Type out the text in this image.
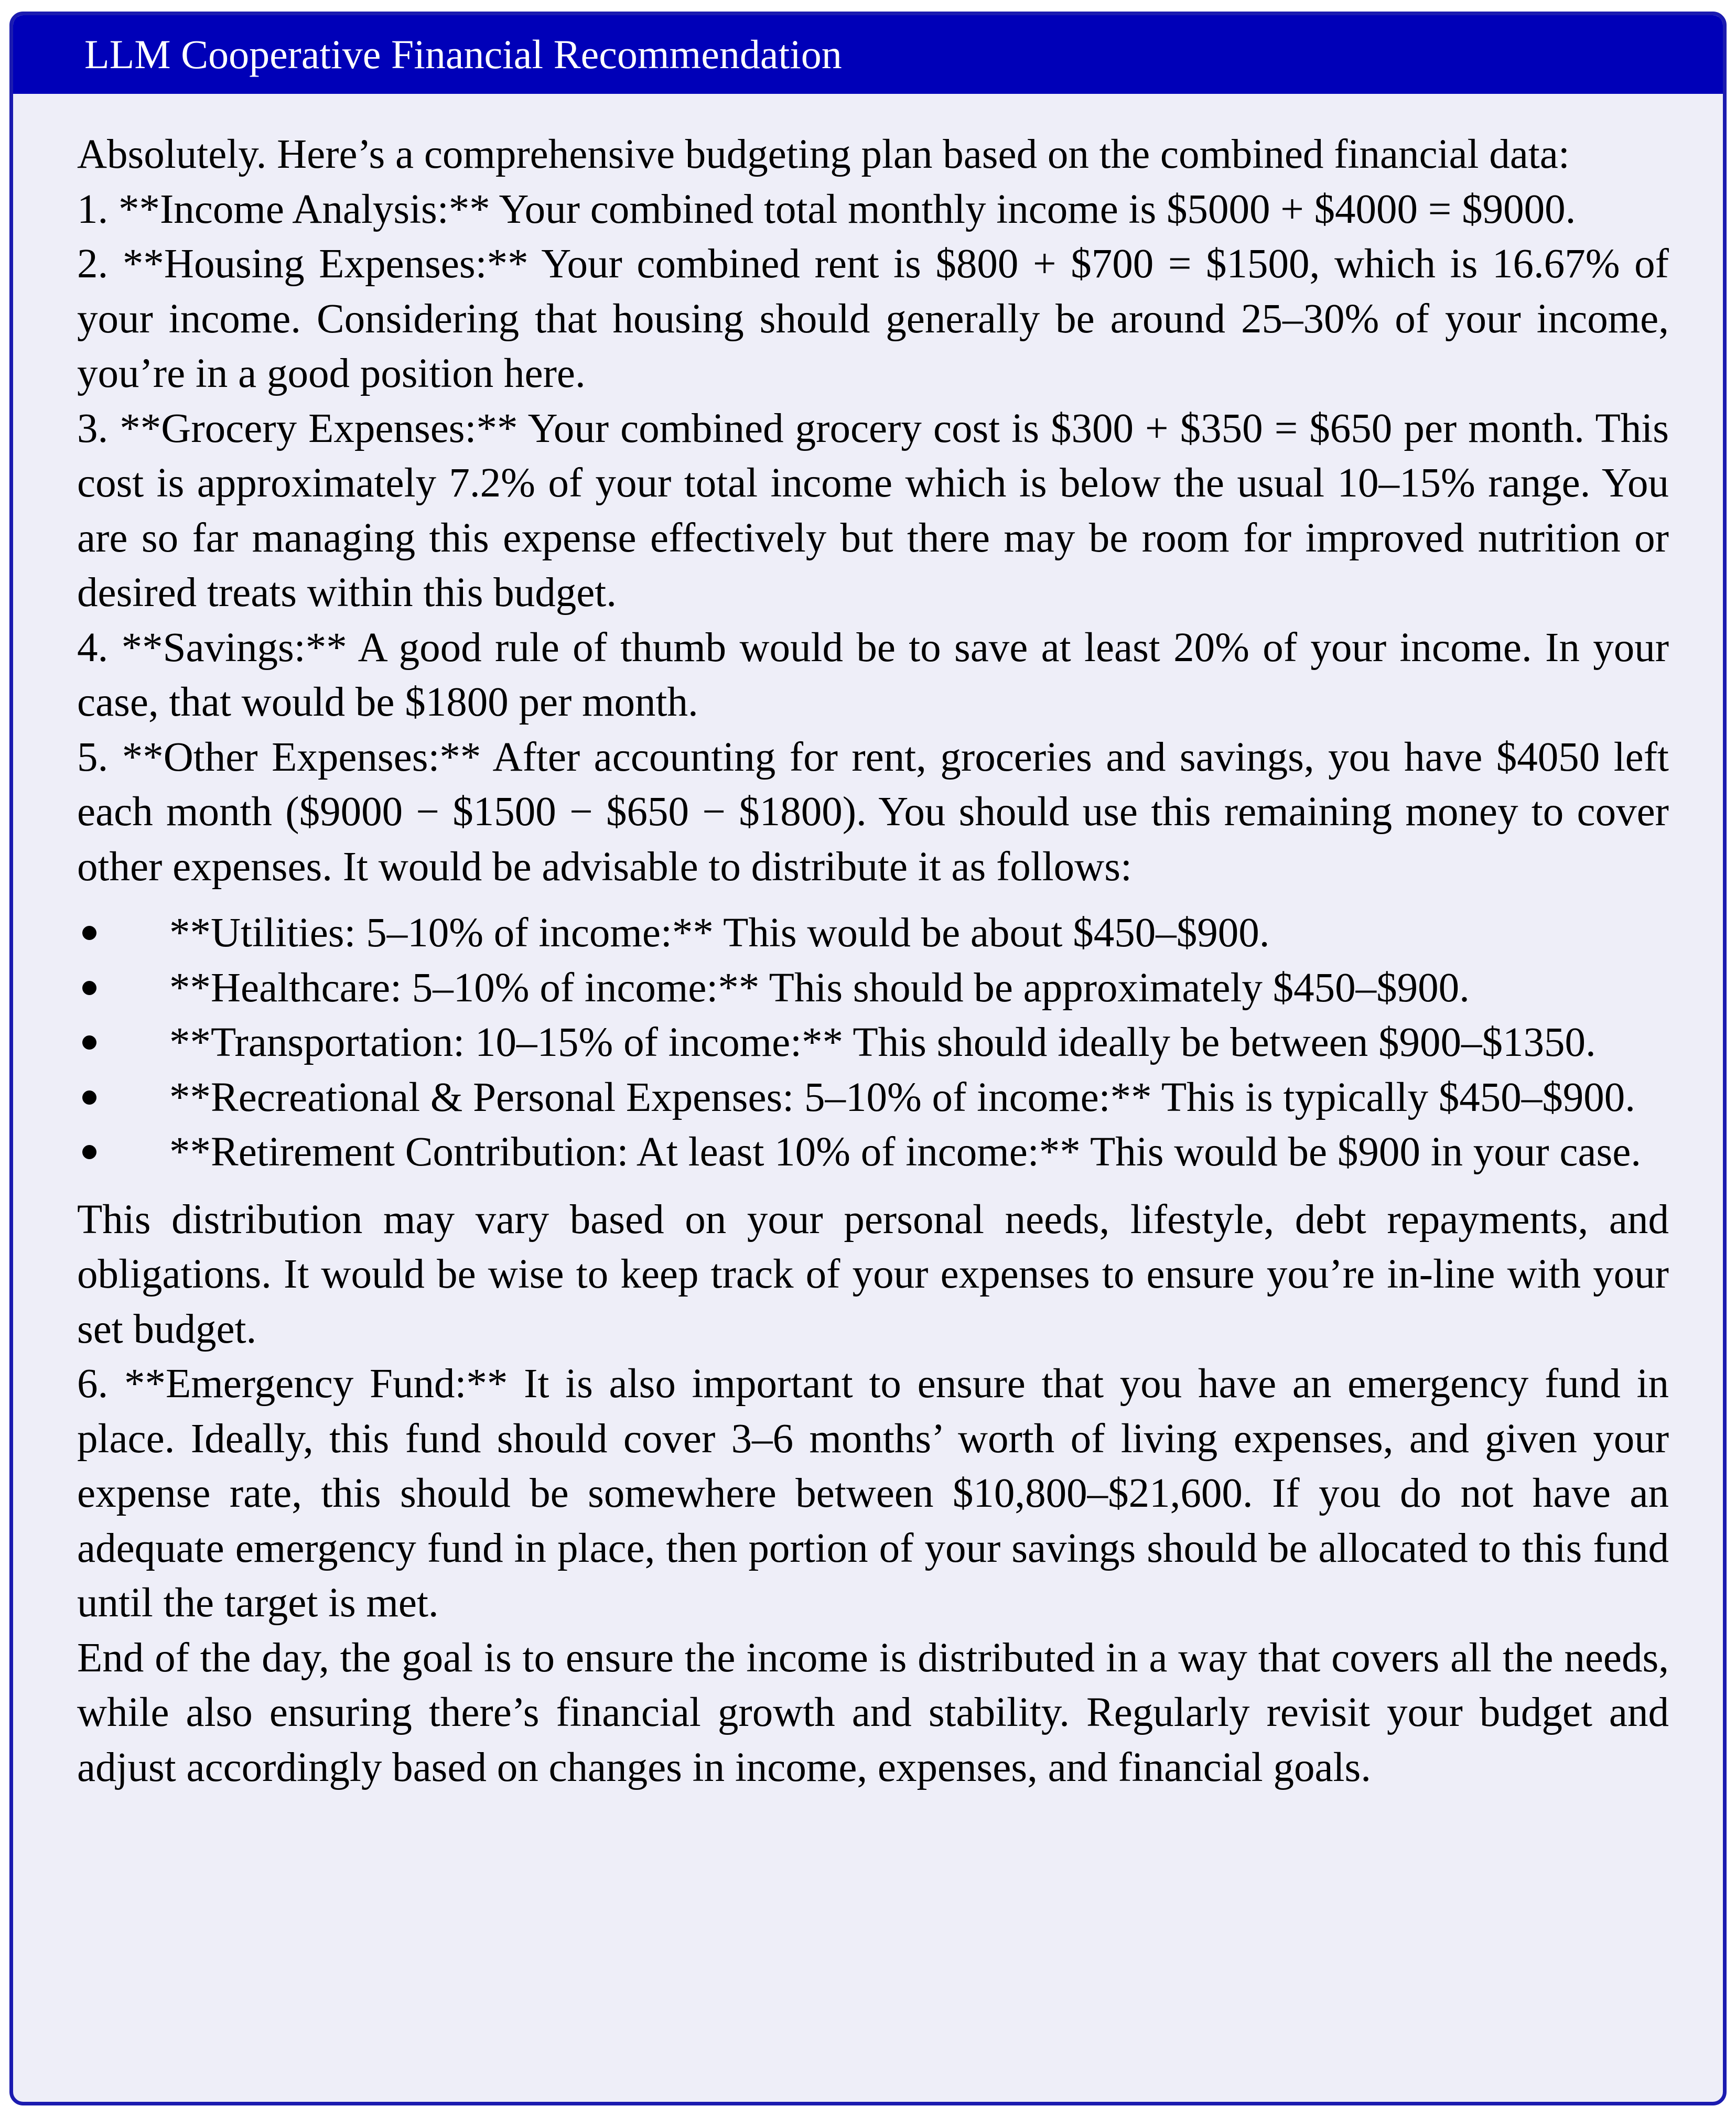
LLM Cooperative Financial Recommendation

Absolutely. Here’s a comprehensive budgeting plan based on the combined financial data:

1. **Income Analysis:** Your combined total monthly income is $5000 + $4000 = $9000.

2. **Housing Expenses:** Your combined rent is $800 + $700 = $1500, which is 16.67% of your income. Considering that housing should generally be around 25–30% of your income, you’re in a good position here.

3. **Grocery Expenses:** Your combined grocery cost is $300 + $350 = $650 per month. This cost is approximately 7.2% of your total income which is below the usual 10–15% range. You are so far managing this expense effectively but there may be room for improved nutrition or desired treats within this budget.

4. **Savings:** A good rule of thumb would be to save at least 20% of your income. In your case, that would be $1800 per month.

5. **Other Expenses:** After accounting for rent, groceries and savings, you have $4050 left each month ($9000 − $1500 − $650 − $1800). You should use this remaining money to cover other expenses. It would be advisable to distribute it as follows:

**Utilities: 5–10% of income:** This would be about $450–$900.
**Healthcare: 5–10% of income:** This should be approximately $450–$900.
**Transportation: 10–15% of income:** This should ideally be between $900–$1350.
**Recreational & Personal Expenses: 5–10% of income:** This is typically $450–$900.
**Retirement Contribution: At least 10% of income:** This would be $900 in your case.

This distribution may vary based on your personal needs, lifestyle, debt repayments, and obligations. It would be wise to keep track of your expenses to ensure you’re in-line with your set budget.

6. **Emergency Fund:** It is also important to ensure that you have an emergency fund in place. Ideally, this fund should cover 3–6 months’ worth of living expenses, and given your expense rate, this should be somewhere between $10,800–$21,600. If you do not have an adequate emergency fund in place, then portion of your savings should be allocated to this fund until the target is met.

End of the day, the goal is to ensure the income is distributed in a way that covers all the needs, while also ensuring there’s financial growth and stability. Regularly revisit your budget and adjust accordingly based on changes in income, expenses, and financial goals.
